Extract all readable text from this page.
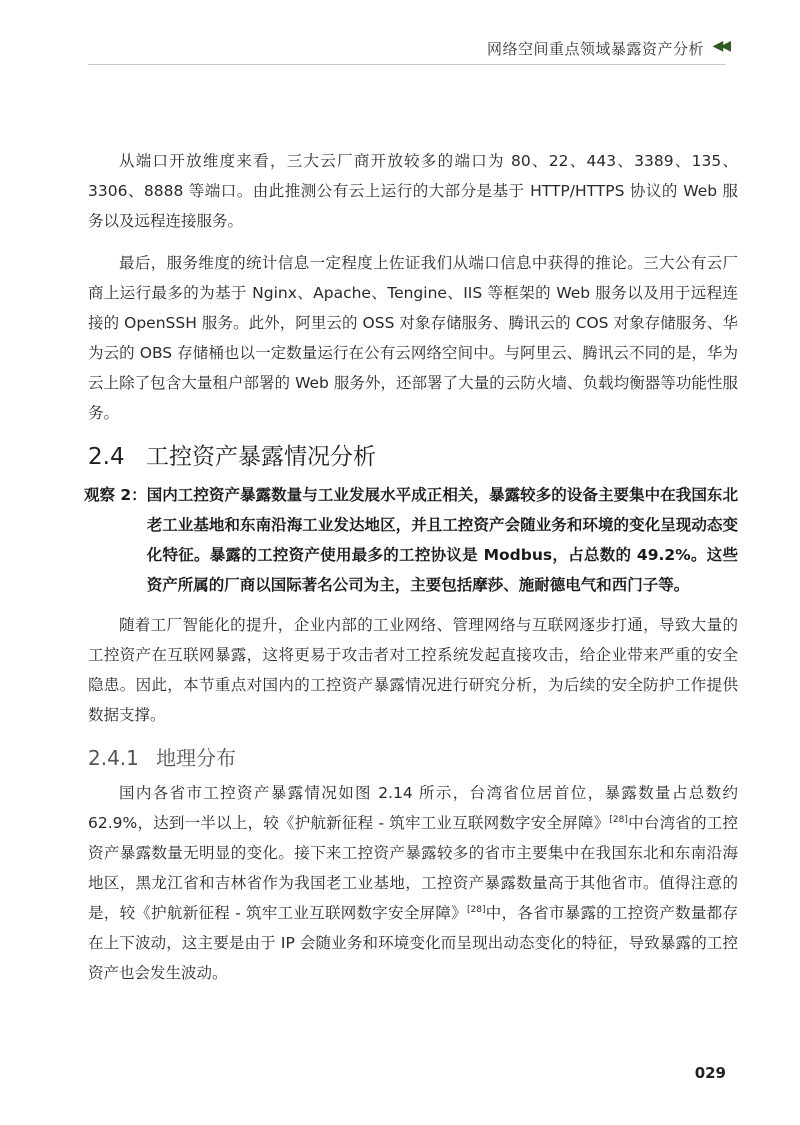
网络空间重点领域暴露资产分析 ◀◀

从端口开放维度来看，三大云厂商开放较多的端口为 80、22、443、3389、135、3306、8888 等端口。由此推测公有云上运行的大部分是基于 HTTP/HTTPS 协议的 Web 服务以及远程连接服务。

最后，服务维度的统计信息一定程度上佐证我们从端口信息中获得的推论。三大公有云厂商上运行最多的为基于 Nginx、Apache、Tengine、IIS 等框架的 Web 服务以及用于远程连接的 OpenSSH 服务。此外，阿里云的 OSS 对象存储服务、腾讯云的 COS 对象存储服务、华为云的 OBS 存储桶也以一定数量运行在公有云网络空间中。与阿里云、腾讯云不同的是，华为云上除了包含大量租户部署的 Web 服务外，还部署了大量的云防火墙、负载均衡器等功能性服务。

2.4 工控资产暴露情况分析
观察 2： 国内工控资产暴露数量与工业发展水平成正相关，暴露较多的设备主要集中在我国东北老工业基地和东南沿海工业发达地区，并且工控资产会随业务和环境的变化呈现动态变化特征。暴露的工控资产使用最多的工控协议是 Modbus，占总数的 49.2%。这些资产所属的厂商以国际著名公司为主，主要包括摩莎、施耐德电气和西门子等。

随着工厂智能化的提升，企业内部的工业网络、管理网络与互联网逐步打通，导致大量的工控资产在互联网暴露，这将更易于攻击者对工控系统发起直接攻击，给企业带来严重的安全隐患。因此，本节重点对国内的工控资产暴露情况进行研究分析，为后续的安全防护工作提供数据支撑。

2.4.1 地理分布

国内各省市工控资产暴露情况如图 2.14 所示，台湾省位居首位，暴露数量占总数约 62.9%，达到一半以上，较《护航新征程 - 筑牢工业互联网数字安全屏障》[28]中台湾省的工控资产暴露数量无明显的变化。接下来工控资产暴露较多的省市主要集中在我国东北和东南沿海地区，黑龙江省和吉林省作为我国老工业基地，工控资产暴露数量高于其他省市。值得注意的是，较《护航新征程 - 筑牢工业互联网数字安全屏障》[28]中，各省市暴露的工控资产数量都存在上下波动，这主要是由于 IP 会随业务和环境变化而呈现出动态变化的特征，导致暴露的工控资产也会发生波动。

029
